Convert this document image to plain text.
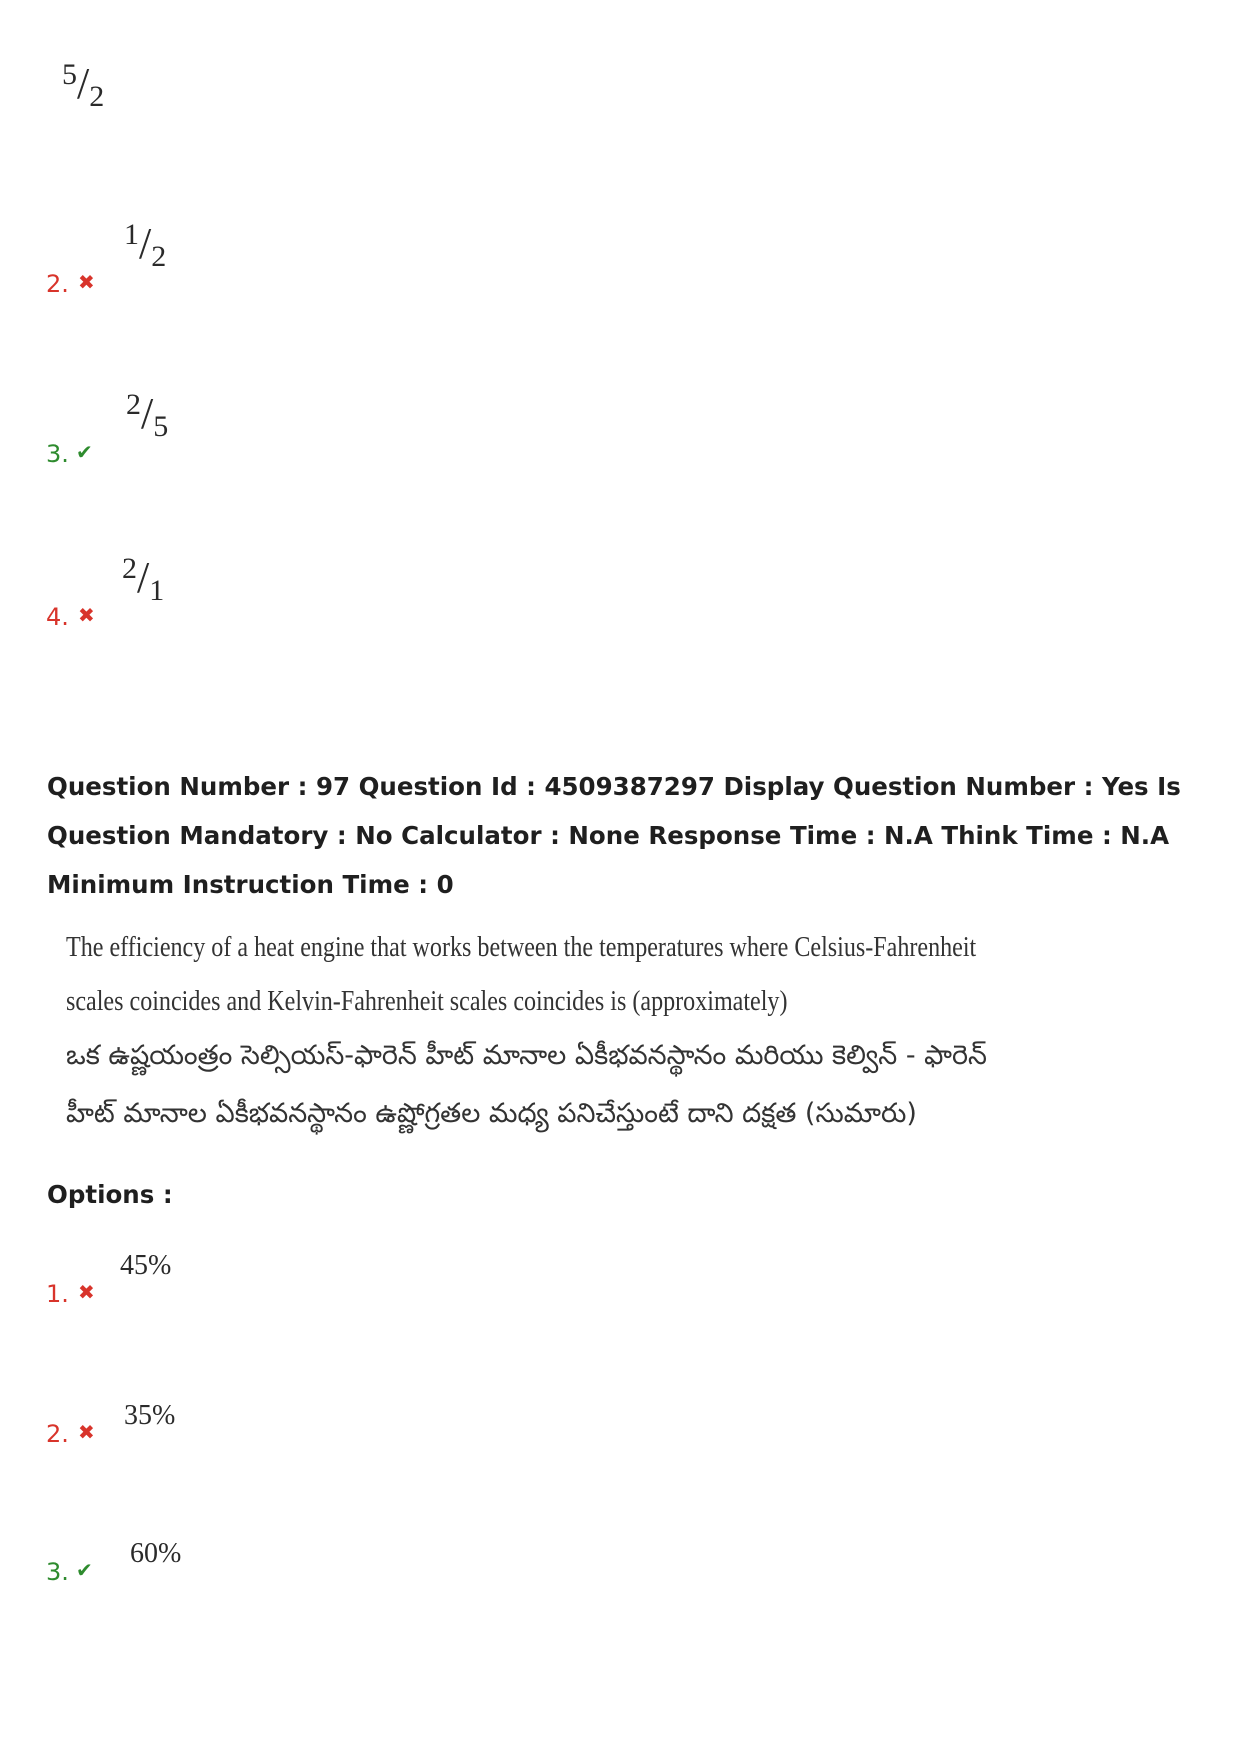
5/2
2. ✖
1/2
3. ✔
2/5
4. ✖
2/1
Question Number : 97 Question Id : 4509387297 Display Question Number : Yes Is Question Mandatory : No Calculator : None Response Time : N.A Think Time : N.A Minimum Instruction Time : 0
The efficiency of a heat engine that works between the temperatures where Celsius-Fahrenheit
scales coincides and Kelvin-Fahrenheit scales coincides is (approximately)
ఒక ఉష్ణయంత్రం సెల్సియస్-ఫారెన్ హీట్ మానాల ఏకీభవనస్థానం మరియు కెల్విన్ - ఫారెన్
హీట్ మానాల ఏకీభవనస్థానం ఉష్ణోగ్రతల మధ్య పనిచేస్తుంటే దాని దక్షత (సుమారు)
Options :
1. ✖
45%
2. ✖
35%
3. ✔
60%
